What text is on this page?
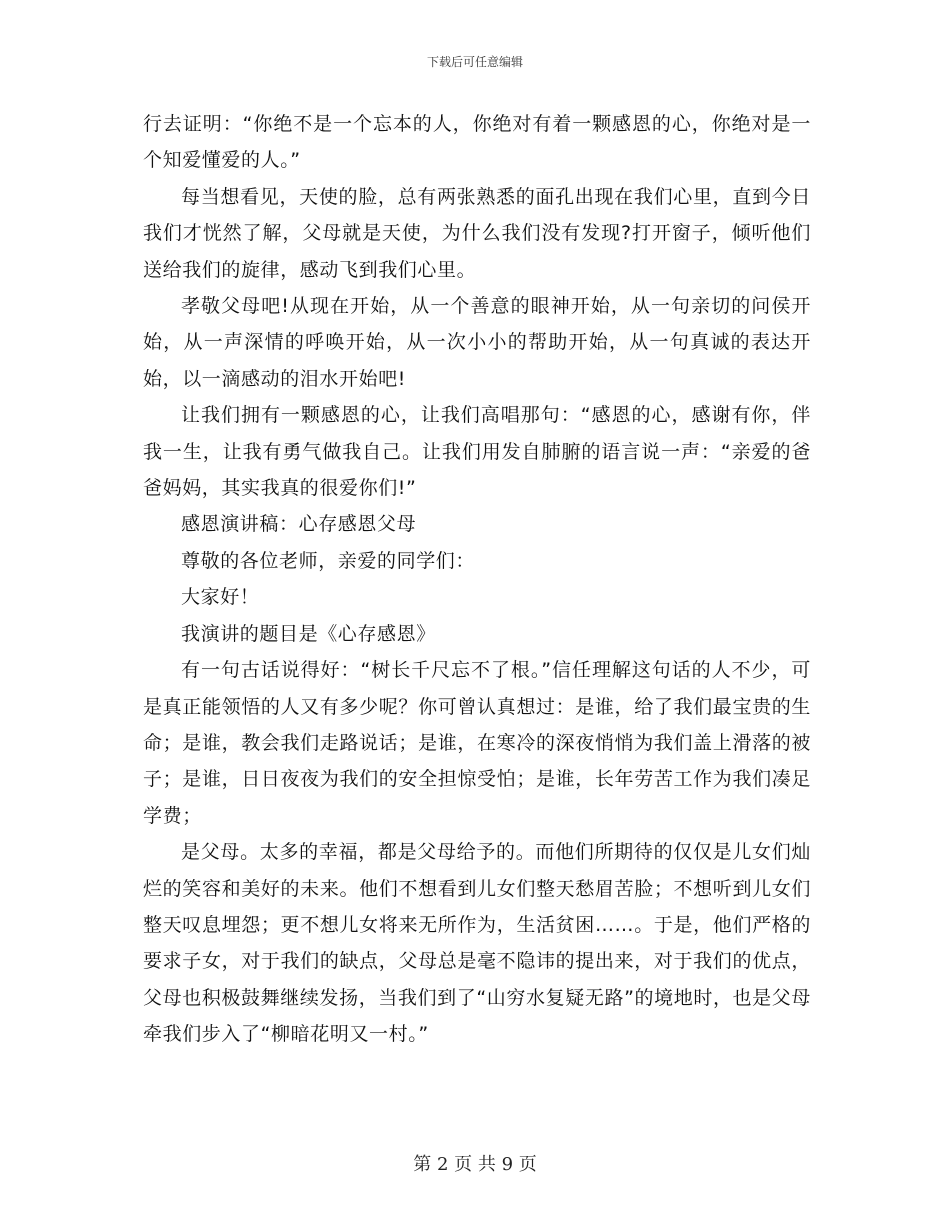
下载后可任意编辑

行去证明：“你绝不是一个忘本的人，你绝对有着一颗感恩的心，你绝对是一个知爱懂爱的人。”

每当想看见，天使的脸，总有两张熟悉的面孔出现在我们心里，直到今日我们才恍然了解，父母就是天使，为什么我们没有发现?打开窗子，倾听他们送给我们的旋律，感动飞到我们心里。

孝敬父母吧!从现在开始，从一个善意的眼神开始，从一句亲切的问侯开始，从一声深情的呼唤开始，从一次小小的帮助开始，从一句真诚的表达开始，以一滴感动的泪水开始吧!

让我们拥有一颗感恩的心，让我们高唱那句：“感恩的心，感谢有你，伴我一生，让我有勇气做我自己。让我们用发自肺腑的语言说一声：“亲爱的爸爸妈妈，其实我真的很爱你们!”

感恩演讲稿：心存感恩父母

尊敬的各位老师，亲爱的同学们：

大家好！

我演讲的题目是《心存感恩》

有一句古话说得好：“树长千尺忘不了根。”信任理解这句话的人不少，可是真正能领悟的人又有多少呢？你可曾认真想过：是谁，给了我们最宝贵的生命；是谁，教会我们走路说话；是谁，在寒冷的深夜悄悄为我们盖上滑落的被子；是谁，日日夜夜为我们的安全担惊受怕；是谁，长年劳苦工作为我们凑足学费；

是父母。太多的幸福，都是父母给予的。而他们所期待的仅仅是儿女们灿烂的笑容和美好的未来。他们不想看到儿女们整天愁眉苦脸；不想听到儿女们整天叹息埋怨；更不想儿女将来无所作为，生活贫困……。于是，他们严格的要求子女，对于我们的缺点，父母总是毫不隐讳的提出来，对于我们的优点，父母也积极鼓舞继续发扬，当我们到了“山穷水复疑无路”的境地时，也是父母牵我们步入了“柳暗花明又一村。”

第 2 页 共 9 页
